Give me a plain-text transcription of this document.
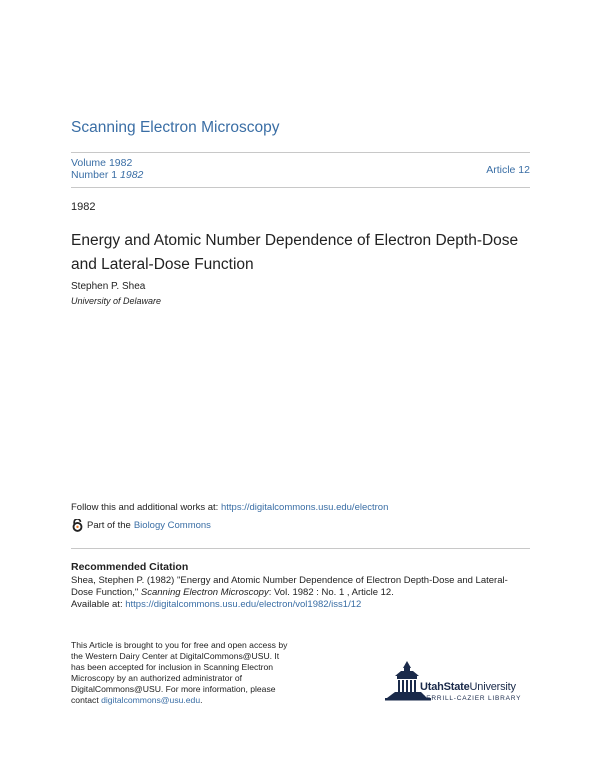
Scanning Electron Microscopy
Volume 1982
Number 1 1982	Article 12
1982
Energy and Atomic Number Dependence of Electron Depth-Dose
and Lateral-Dose Function
Stephen P. Shea
University of Delaware
Follow this and additional works at: https://digitalcommons.usu.edu/electron
Part of the Biology Commons
Recommended Citation
Shea, Stephen P. (1982) "Energy and Atomic Number Dependence of Electron Depth-Dose and Lateral-
Dose Function," Scanning Electron Microscopy: Vol. 1982 : No. 1 , Article 12.
Available at: https://digitalcommons.usu.edu/electron/vol1982/iss1/12
This Article is brought to you for free and open access by
the Western Dairy Center at DigitalCommons@USU. It
has been accepted for inclusion in Scanning Electron
Microscopy by an authorized administrator of
DigitalCommons@USU. For more information, please
contact digitalcommons@usu.edu.
UtahStateUniversity
MERRILL-CAZIER LIBRARY
